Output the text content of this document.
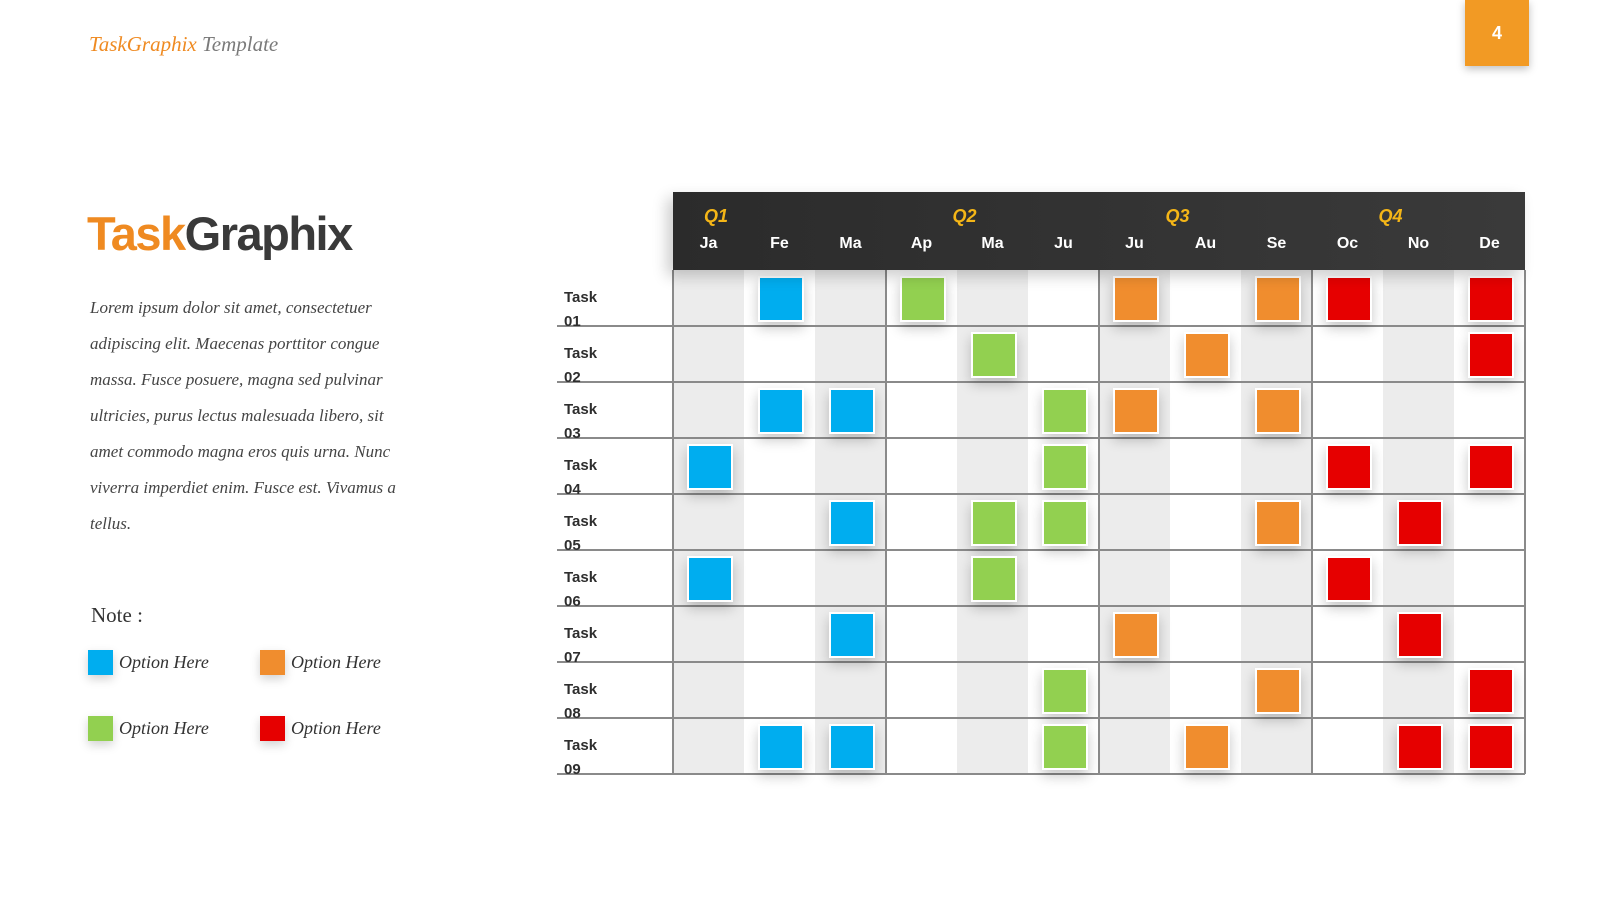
TaskGraphix Template	4
TaskGraphix
Lorem ipsum dolor sit amet, consectetuer adipiscing elit. Maecenas porttitor congue massa. Fusce posuere, magna sed pulvinar ultricies, purus lectus malesuada libero, sit amet commodo magna eros quis urna. Nunc viverra imperdiet enim. Fusce est. Vivamus a tellus.
Note :
Option Here	Option Here
Option Here	Option Here
Task 01
Task 02
Task 03
Task 04
Task 05
Task 06
Task 07
Task 08
Task 09
Q1	Q2	Q3	Q4
Ja	Fe	Ma	Ap	Ma	Ju	Ju	Au	Se	Oc	No	De
